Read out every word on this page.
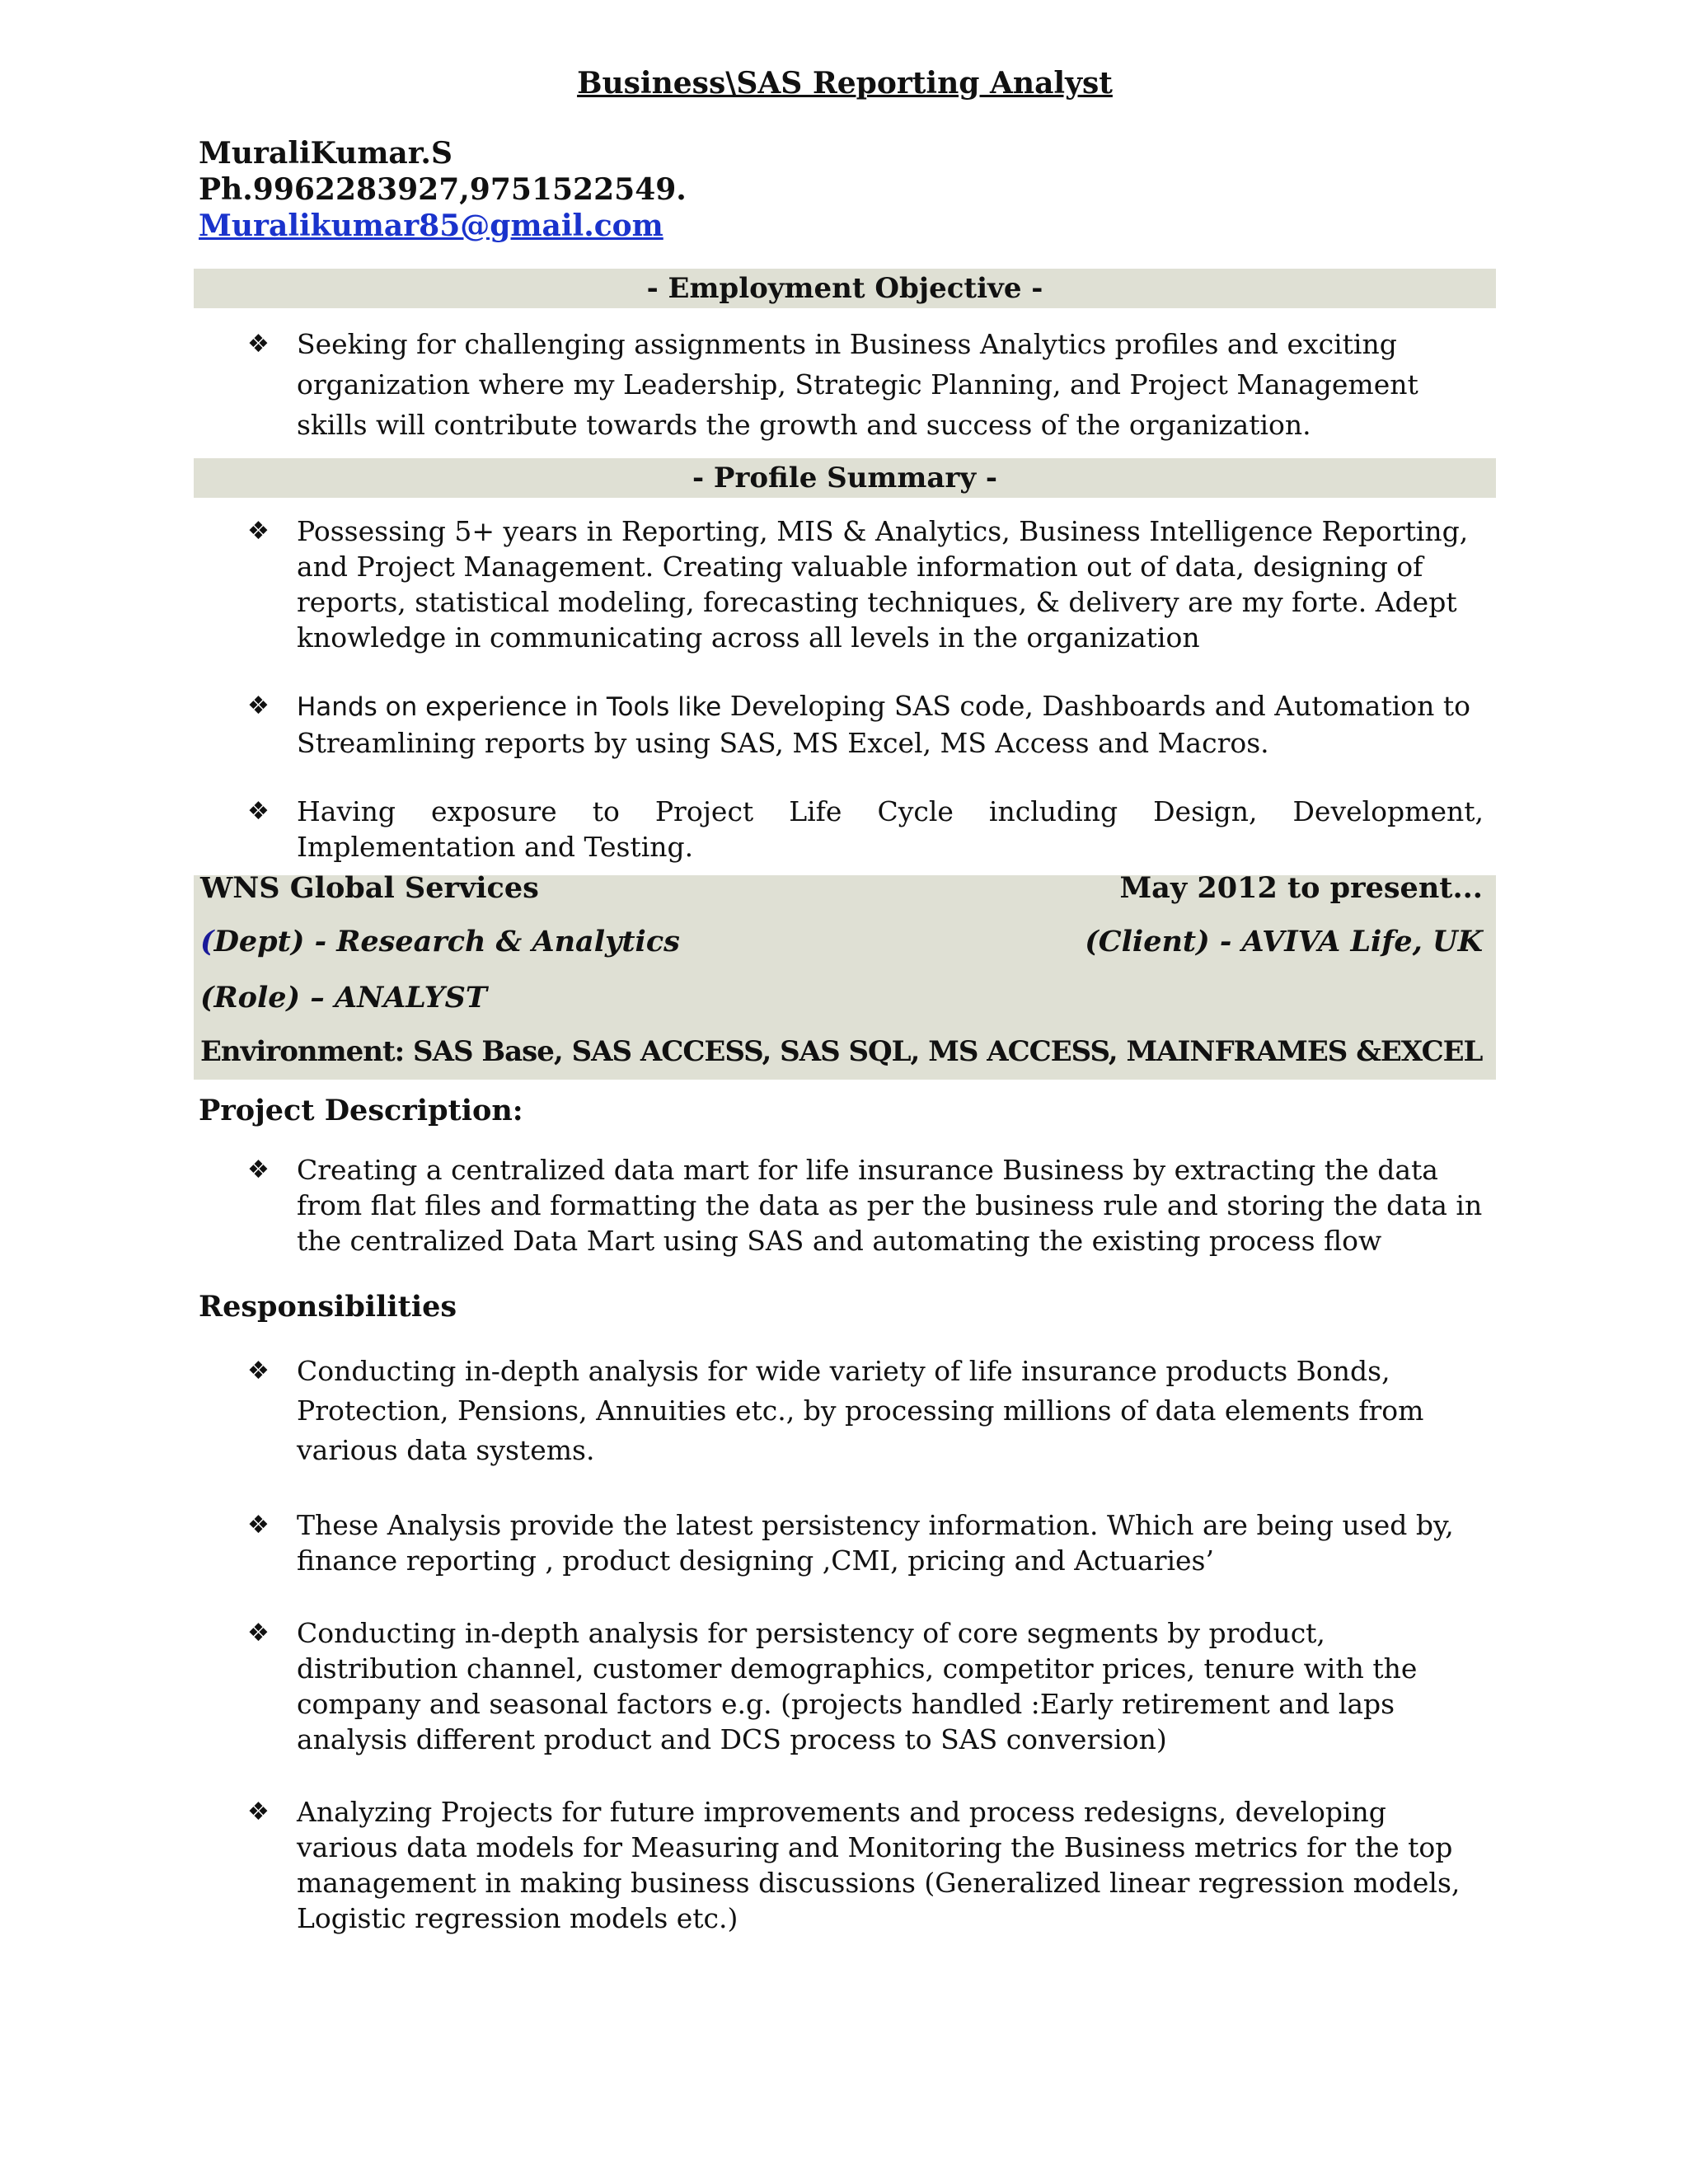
Business\SAS Reporting Analyst
MuraliKumar.S
Ph.9962283927,9751522549.
Muralikumar85@gmail.com
- Employment Objective -
❖ Seeking for challenging assignments in Business Analytics profiles and exciting organization where my Leadership, Strategic Planning, and Project Management skills will contribute towards the growth and success of the organization.
- Profile Summary -
❖ Possessing 5+ years in Reporting, MIS & Analytics, Business Intelligence Reporting, and Project Management. Creating valuable information out of data, designing of reports, statistical modeling, forecasting techniques, & delivery are my forte. Adept knowledge in communicating across all levels in the organization
❖ Hands on experience in Tools like Developing SAS code, Dashboards and Automation to Streamlining reports by using SAS, MS Excel, MS Access and Macros.
❖ Having exposure to Project Life Cycle including Design, Development, Implementation and Testing.
WNS Global Services	May 2012 to present...
(Dept) - Research & Analytics	(Client) - AVIVA Life, UK
(Role) – ANALYST
Environment: SAS Base, SAS ACCESS, SAS SQL, MS ACCESS, MAINFRAMES &EXCEL
Project Description:
❖ Creating a centralized data mart for life insurance Business by extracting the data from flat files and formatting the data as per the business rule and storing the data in the centralized Data Mart using SAS and automating the existing process flow
Responsibilities
❖ Conducting in-depth analysis for wide variety of life insurance products Bonds, Protection, Pensions, Annuities etc., by processing millions of data elements from various data systems.
❖ These Analysis provide the latest persistency information. Which are being used by, finance reporting , product designing ,CMI, pricing and Actuaries’
❖ Conducting in-depth analysis for persistency of core segments by product, distribution channel, customer demographics, competitor prices, tenure with the company and seasonal factors e.g. (projects handled :Early retirement and laps analysis different product and DCS process to SAS conversion)
❖ Analyzing Projects for future improvements and process redesigns, developing various data models for Measuring and Monitoring the Business metrics for the top management in making business discussions (Generalized linear regression models, Logistic regression models etc.)
